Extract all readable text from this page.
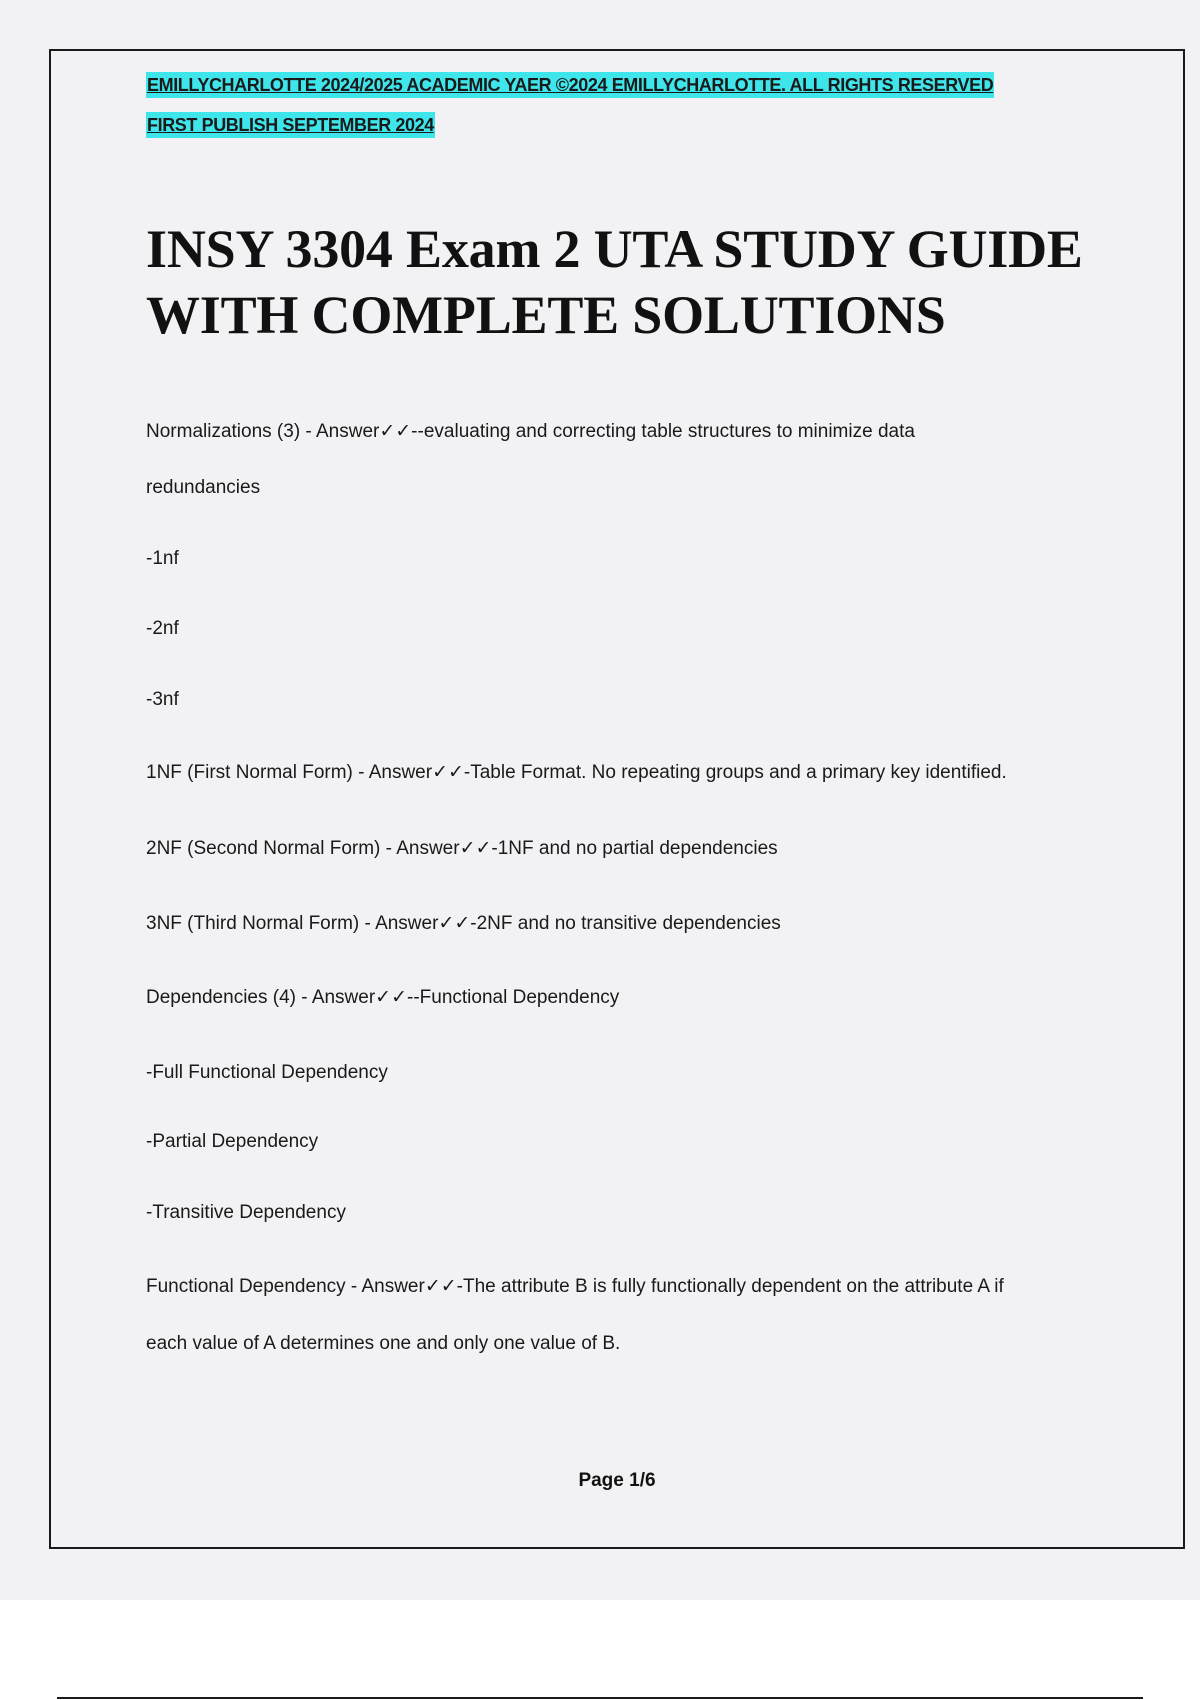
EMILLYCHARLOTTE 2024/2025 ACADEMIC YAER ©2024 EMILLYCHARLOTTE. ALL RIGHTS RESERVED
FIRST PUBLISH SEPTEMBER 2024
INSY 3304 Exam 2 UTA STUDY GUIDE
WITH COMPLETE SOLUTIONS
Normalizations (3) - Answer✓✓--evaluating and correcting table structures to minimize data
redundancies
-1nf
-2nf
-3nf
1NF (First Normal Form) - Answer✓✓-Table Format. No repeating groups and a primary key identified.
2NF (Second Normal Form) - Answer✓✓-1NF and no partial dependencies
3NF (Third Normal Form) - Answer✓✓-2NF and no transitive dependencies
Dependencies (4) - Answer✓✓--Functional Dependency
-Full Functional Dependency
-Partial Dependency
-Transitive Dependency
Functional Dependency - Answer✓✓-The attribute B is fully functionally dependent on the attribute A if
each value of A determines one and only one value of B.
Page 1/6
